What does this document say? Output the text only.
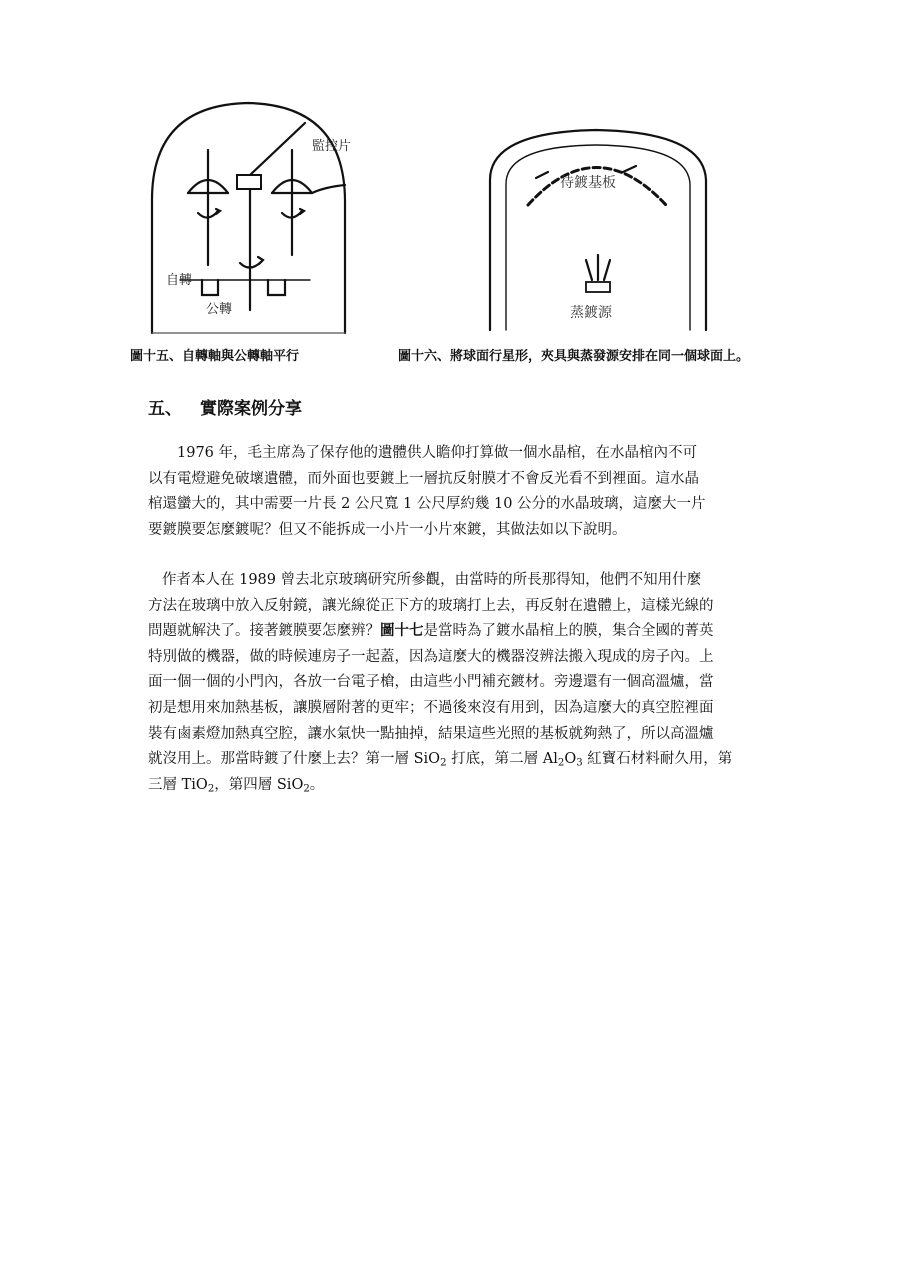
監控片
自轉
公轉
待鍍基板
蒸鍍源
圖十五、自轉軸與公轉軸平行	圖十六、將球面行星形，夾具與蒸發源安排在同一個球面上。
五、 實際案例分享
1976 年，毛主席為了保存他的遺體供人瞻仰打算做一個水晶棺，在水晶棺內不可
以有電燈避免破壞遺體，而外面也要鍍上一層抗反射膜才不會反光看不到裡面。這水晶
棺還蠻大的，其中需要一片長 2 公尺寬 1 公尺厚約幾 10 公分的水晶玻璃，這麼大一片
要鍍膜要怎麼鍍呢？但又不能拆成一小片一小片來鍍，其做法如以下說明。
作者本人在 1989 曾去北京玻璃研究所參觀，由當時的所長那得知，他們不知用什麼
方法在玻璃中放入反射鏡，讓光線從正下方的玻璃打上去，再反射在遺體上，這樣光線的
問題就解決了。接著鍍膜要怎麼辨？圖十七是當時為了鍍水晶棺上的膜，集合全國的菁英
特別做的機器，做的時候連房子一起蓋，因為這麼大的機器沒辨法搬入現成的房子內。上
面一個一個的小門內，各放一台電子槍，由這些小門補充鍍材。旁邊還有一個高溫爐，當
初是想用來加熱基板，讓膜層附著的更牢；不過後來沒有用到，因為這麼大的真空腔裡面
裝有鹵素燈加熱真空腔，讓水氣快一點抽掉，結果這些光照的基板就夠熱了，所以高溫爐
就沒用上。那當時鍍了什麼上去？第一層 SiO$_2$ 打底，第二層 $Al_2O_3$ 紅寶石材料耐久用，第
三層 TiO$_2$，第四層 SiO$_2$。
